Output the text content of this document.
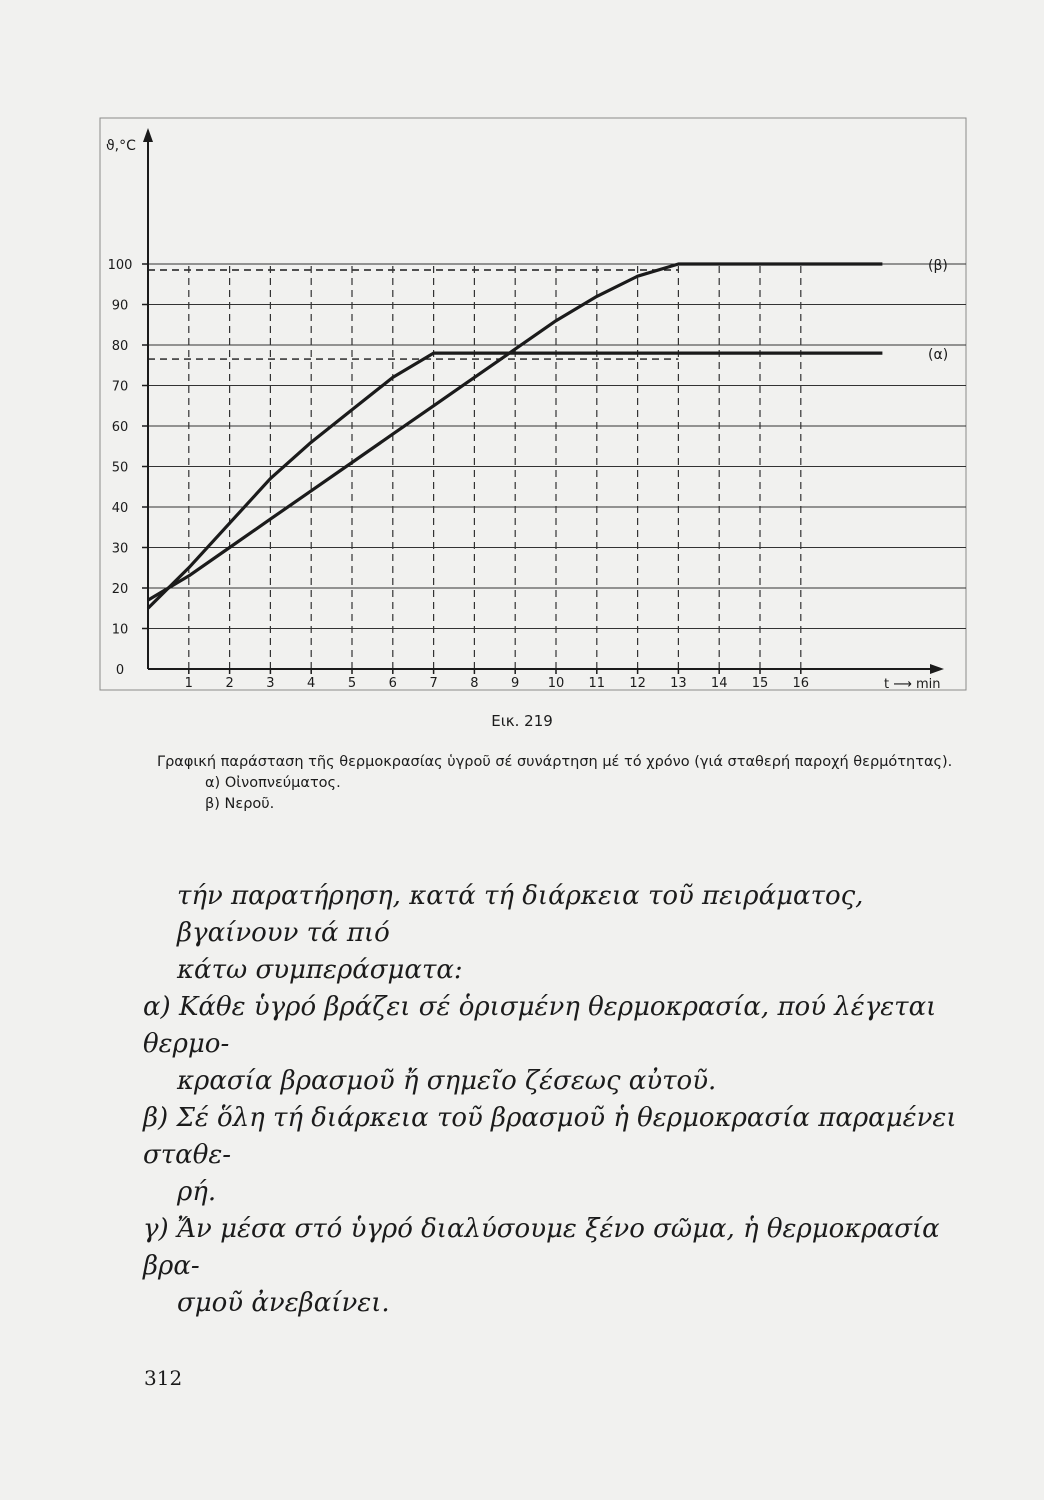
0
10
20
30
40
50
60
70
80
90
100
1	2	3	4	5	6	7	8	9 10 11 12 13 14 15 16
ϑ,°C
t ⟶ min
(β)
(α)

Εικ. 219

Γραφική παράσταση τῆς θερμοκρασίας ὑγροῦ σέ συνάρτηση μέ τό χρόνο (γιά σταθερή παροχή θερμότητας).
α) Οἰνοπνεύματος.
β) Νεροῦ.
τήν παρατήρηση, κατά τή διάρκεια τοῦ πειράματος, βγαίνουν τά πιό
κάτω συμπεράσματα:
α) Κάθε ὑγρό βράζει σέ ὁρισμένη θερμοκρασία, πού λέγεται θερμο-
κρασία βρασμοῦ ἤ σημεῖο ζέσεως αὐτοῦ.
β) Σέ ὅλη τή διάρκεια τοῦ βρασμοῦ ἡ θερμοκρασία παραμένει σταθε-
ρή.
γ) Ἄν μέσα στό ὑγρό διαλύσουμε ξένο σῶμα, ἡ θερμοκρασία βρα-
σμοῦ ἀνεβαίνει.

312
